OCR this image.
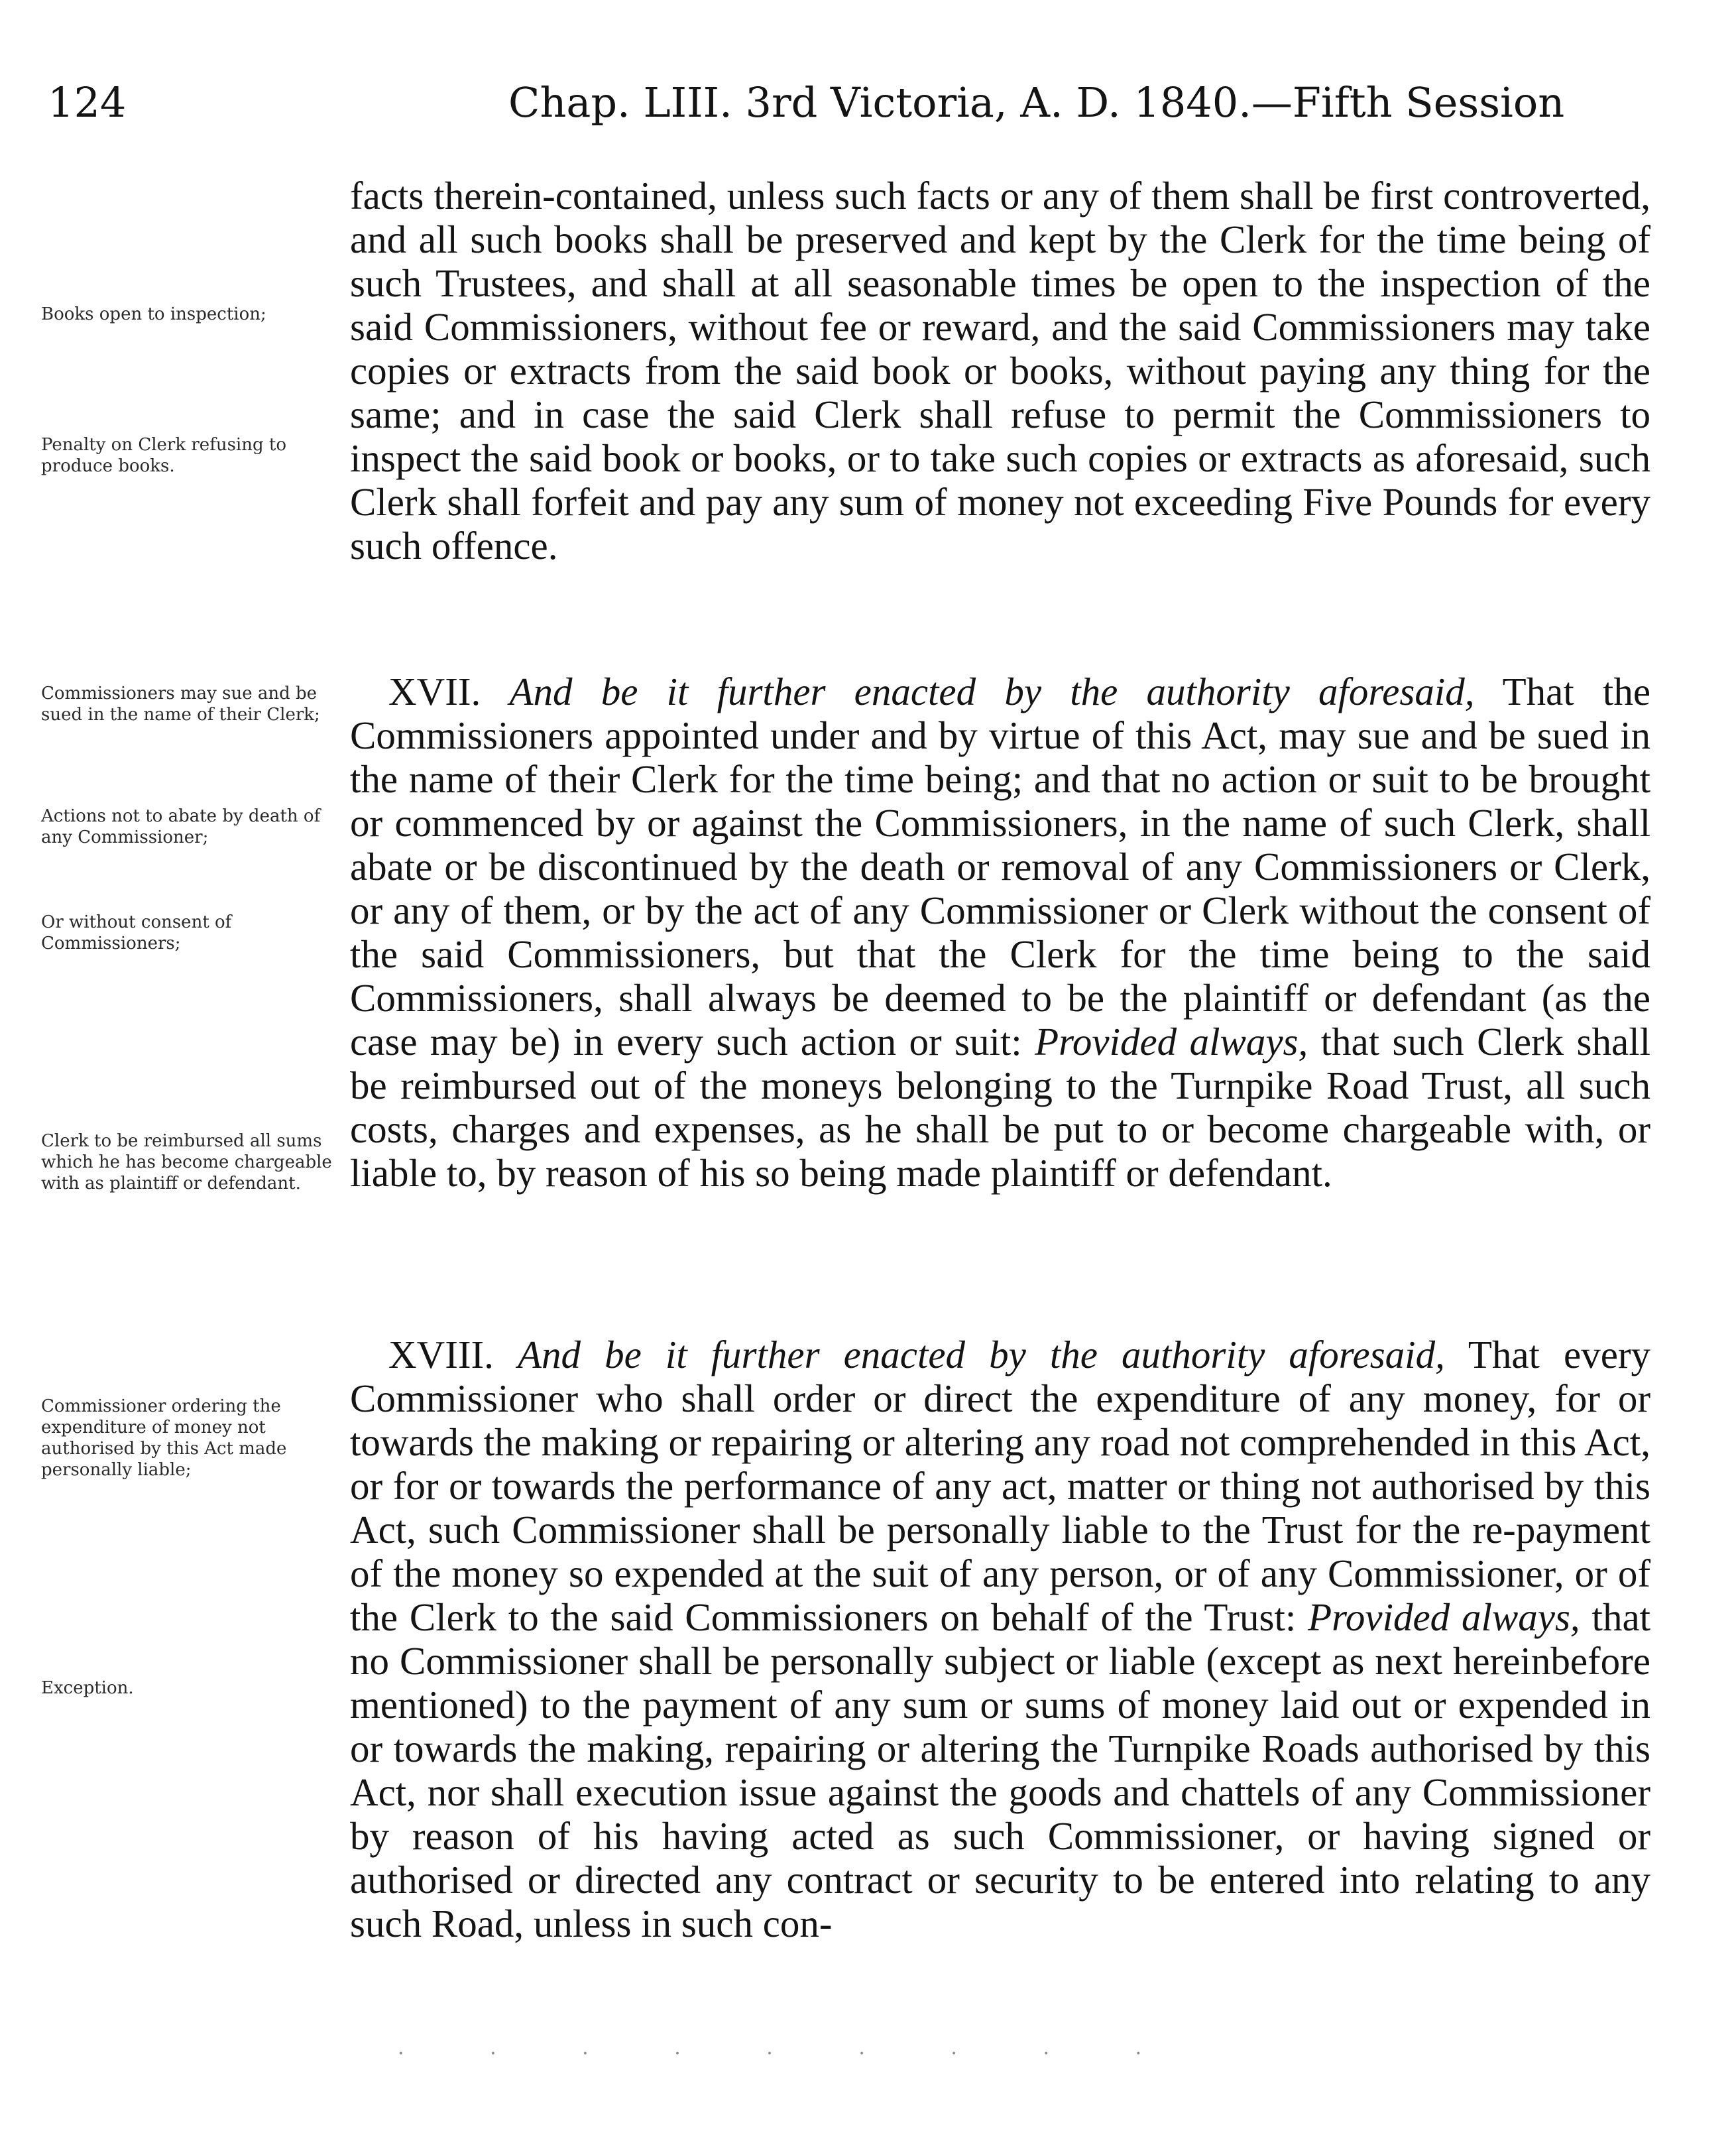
124	Chap. LIII. 3rd Victoria, A. D. 1840.—Fifth Session
Books open to inspection;
Penalty on Clerk refusing to produce books.
Commissioners may sue and be sued in the name of their Clerk;
Actions not to abate by death of any Commissioner;
Or without consent of Commissioners;
Clerk to be reimbursed all sums which he has become chargeable with as plaintiff or defendant.
Commissioner ordering the expenditure of money not authorised by this Act made personally liable;
Exception.
facts therein-contained, unless such facts or any of them shall be first controverted, and all such books shall be preserved and kept by the Clerk for the time being of such Trustees, and shall at all seasonable times be open to the inspection of the said Commissioners, without fee or reward, and the said Commissioners may take copies or extracts from the said book or books, without paying any thing for the same; and in case the said Clerk shall refuse to permit the Commissioners to inspect the said book or books, or to take such copies or extracts as aforesaid, such Clerk shall forfeit and pay any sum of money not exceeding Five Pounds for every such offence.
XVII. And be it further enacted by the authority aforesaid, That the Commissioners appointed under and by virtue of this Act, may sue and be sued in the name of their Clerk for the time being; and that no action or suit to be brought or commenced by or against the Commissioners, in the name of such Clerk, shall abate or be discontinued by the death or removal of any Commissioners or Clerk, or any of them, or by the act of any Commissioner or Clerk without the consent of the said Commissioners, but that the Clerk for the time being to the said Commissioners, shall always be deemed to be the plaintiff or defendant (as the case may be) in every such action or suit: Provided always, that such Clerk shall be reimbursed out of the moneys belonging to the Turnpike Road Trust, all such costs, charges and expenses, as he shall be put to or become chargeable with, or liable to, by reason of his so being made plaintiff or defendant.
XVIII. And be it further enacted by the authority aforesaid, That every Commissioner who shall order or direct the expenditure of any money, for or towards the making or repairing or altering any road not comprehended in this Act, or for or towards the performance of any act, matter or thing not authorised by this Act, such Commissioner shall be personally liable to the Trust for the re-payment of the money so expended at the suit of any person, or of any Commissioner, or of the Clerk to the said Commissioners on behalf of the Trust: Provided always, that no Commissioner shall be personally subject or liable (except as next hereinbefore mentioned) to the payment of any sum or sums of money laid out or expended in or towards the making, repairing or altering the Turnpike Roads authorised by this Act, nor shall execution issue against the goods and chattels of any Commissioner by reason of his having acted as such Commissioner, or having signed or authorised or directed any contract or security to be entered into relating to any such Road, unless in such con-
· · · · · · · · ·
